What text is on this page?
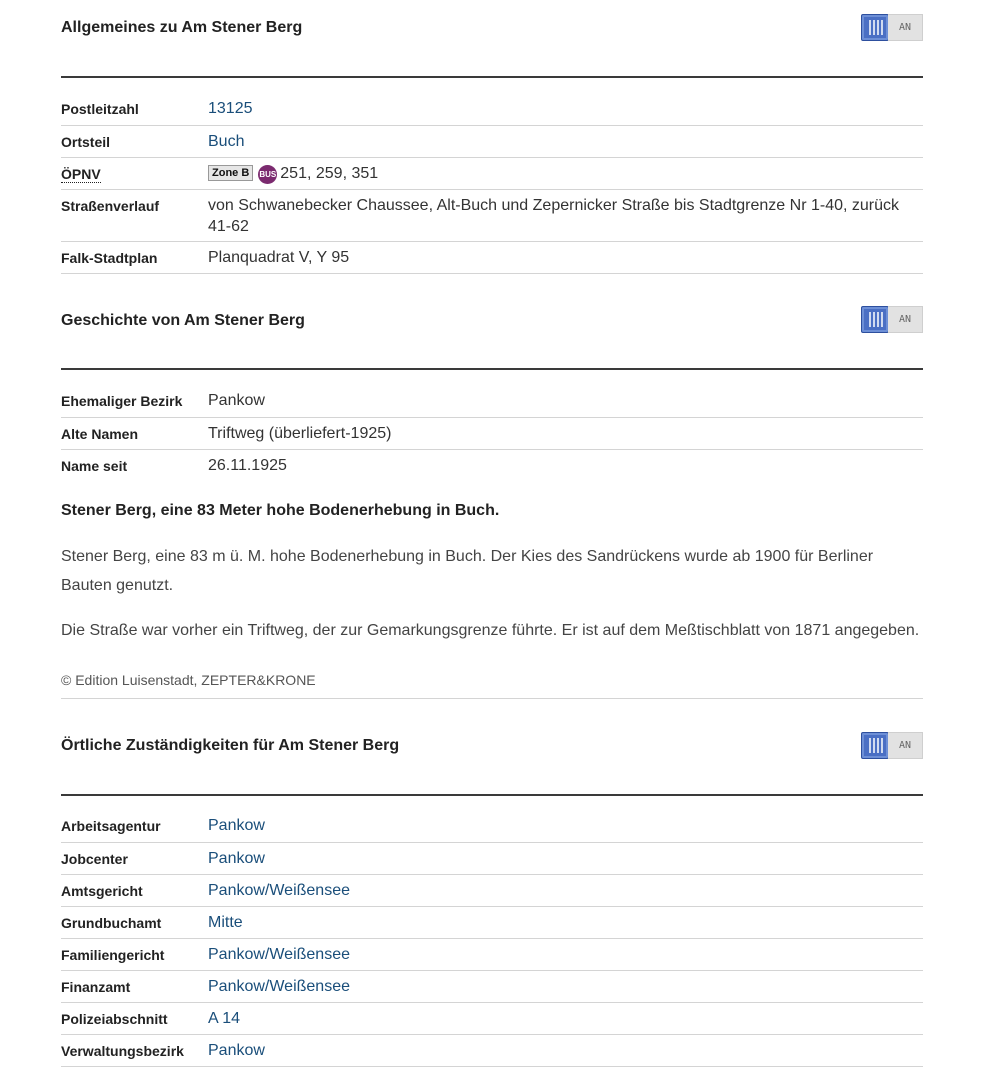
Allgemeines zu Am Stener Berg	AN
Postleitzahl	13125
Ortsteil	Buch
ÖPNV	Zone B BUS 251, 259, 351
Straßenverlauf	von Schwanebecker Chaussee, Alt-Buch und Zepernicker Straße bis Stadtgrenze Nr 1-40, zurück 41-62
Falk-Stadtplan	Planquadrat V, Y 95
Geschichte von Am Stener Berg	AN
Ehemaliger Bezirk	Pankow
Alte Namen	Triftweg (überliefert-1925)
Name seit	26.11.1925
Stener Berg, eine 83 Meter hohe Bodenerhebung in Buch.
Stener Berg, eine 83 m ü. M. hohe Bodenerhebung in Buch. Der Kies des Sandrückens wurde ab 1900 für Berliner
Bauten genutzt.
Die Straße war vorher ein Triftweg, der zur Gemarkungsgrenze führte. Er ist auf dem Meßtischblatt von 1871 angegeben.
© Edition Luisenstadt, ZEPTER&KRONE
Örtliche Zuständigkeiten für Am Stener Berg	AN
Arbeitsagentur	Pankow
Jobcenter	Pankow
Amtsgericht	Pankow/Weißensee
Grundbuchamt	Mitte
Familiengericht	Pankow/Weißensee
Finanzamt	Pankow/Weißensee
Polizeiabschnitt	A 14
Verwaltungsbezirk	Pankow
